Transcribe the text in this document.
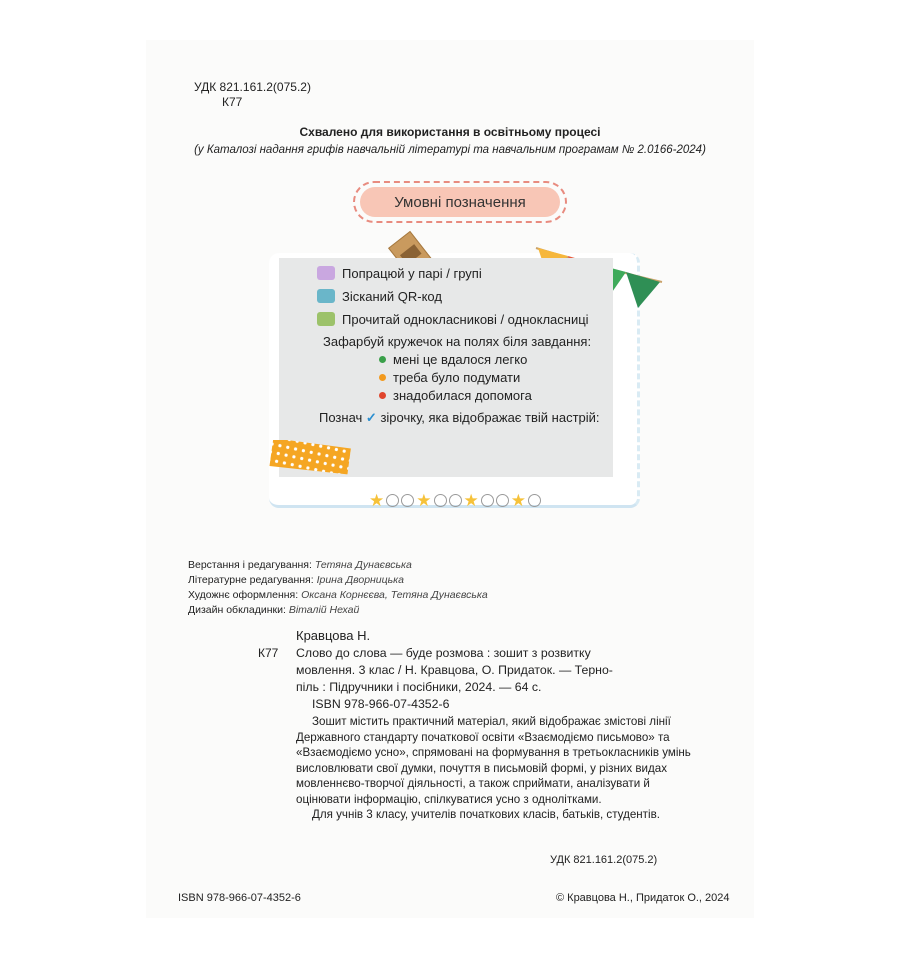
УДК 821.161.2(075.2)
К77
Схвалено для використання в освітньому процесі
(у Каталозі надання грифів навчальній літературі та навчальним програмам № 2.0166-2024)
Умовні позначення
Попрацюй у парі / групі
Зісканий QR-код
Прочитай однокласникові / однокласниці
Зафарбуй кружечок на полях біля завдання:
мені це вдалося легко
треба було подумати
знадобилася допомога
Познач ✓ зірочку, яка відображає твій настрій:
★ ★ ★ ★
Верстання і редагування: Тетяна Дунаєвська
Літературне редагування: Ірина Дворницька
Художнє оформлення: Оксана Корнєєва, Тетяна Дунаєвська
Дизайн обкладинки: Віталій Нехай
Кравцова Н.
К77 Слово до слова — буде розмова : зошит з розвитку
мовлення. 3 клас / Н. Кравцова, О. Придаток. — Терно-
піль : Підручники і посібники, 2024. — 64 с.
ISBN 978-966-07-4352-6

Зошит містить практичний матеріал, який відображає змістові лінії Державного стандарту початкової освіти «Взаємодіємо письмово» та «Взаємодіємо усно», спрямовані на формування в третьокласників умінь висловлювати свої думки, почуття в письмовій формі, у різних видах мовленнєво-творчої діяльності, а також сприймати, аналізувати й оцінювати інформацію, спілкуватися усно з однолітками.

Для учнів 3 класу, учителів початкових класів, батьків, студентів.

УДК 821.161.2(075.2)
ISBN 978-966-07-4352-6	© Кравцова Н., Придаток О., 2024
